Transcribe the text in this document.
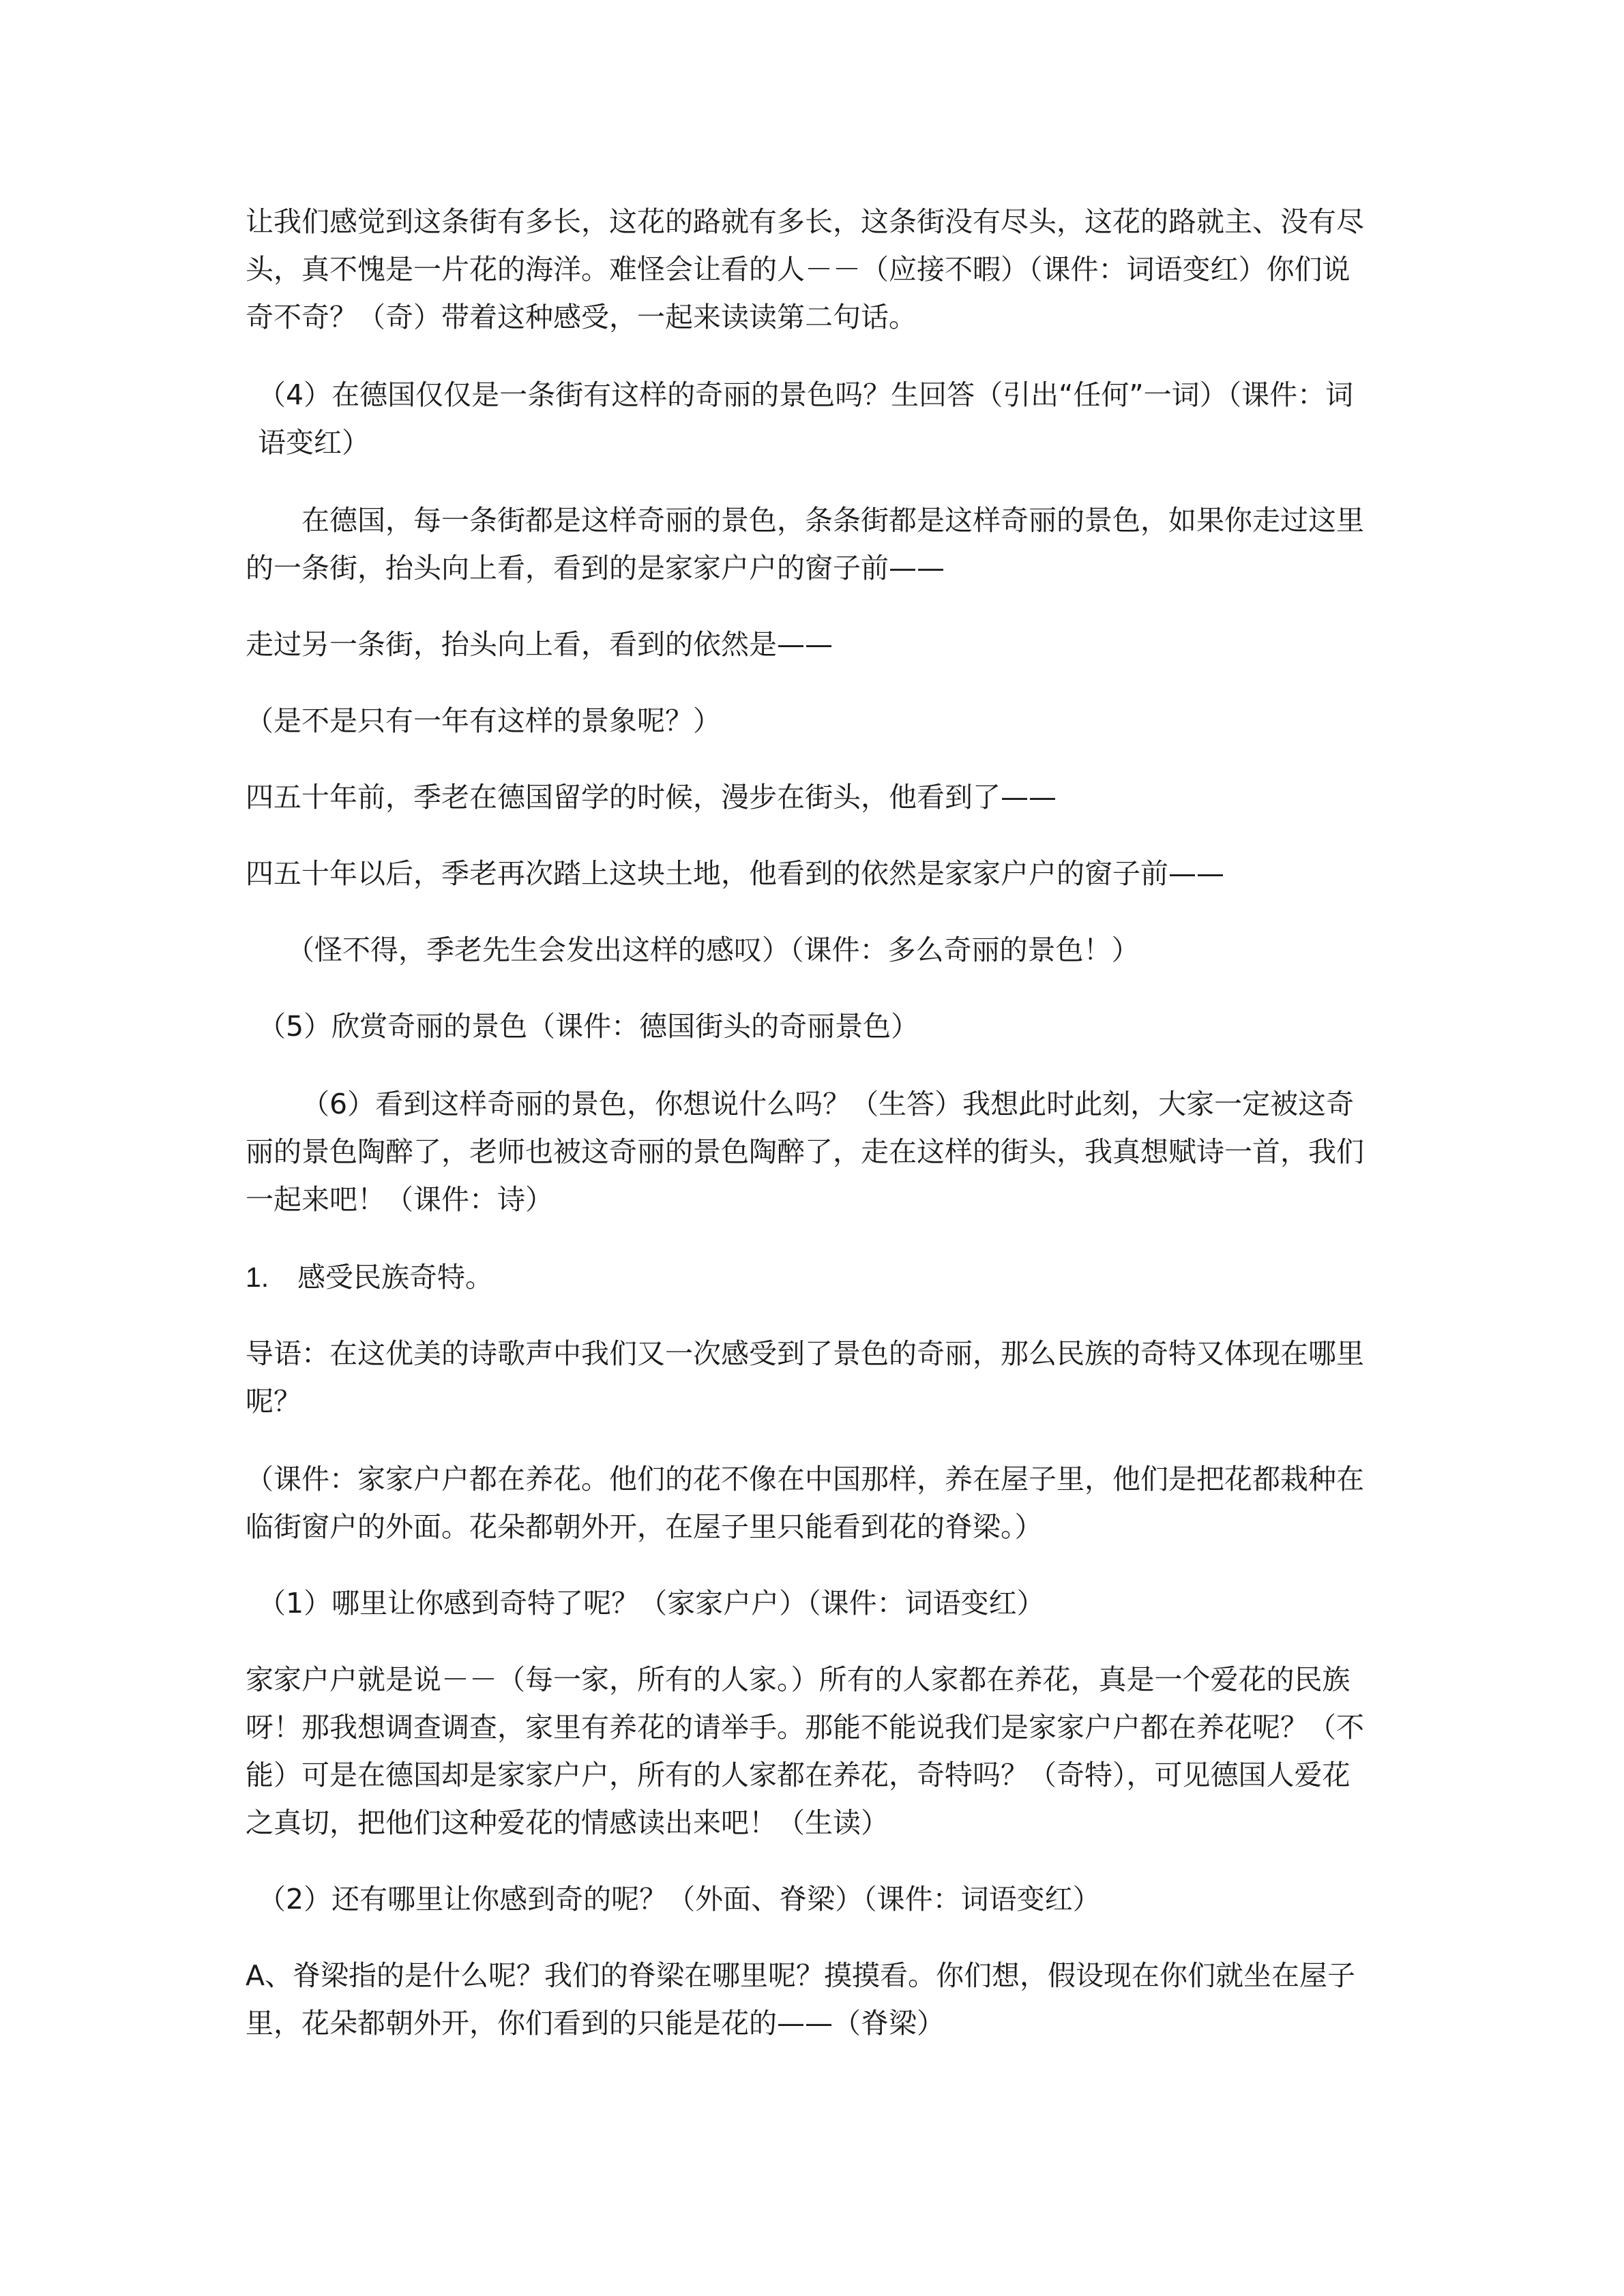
让我们感觉到这条街有多长，这花的路就有多长，这条街没有尽头，这花的路就主、没有尽头，真不愧是一片花的海洋。难怪会让看的人－－（应接不暇）（课件：词语变红）你们说奇不奇？（奇）带着这种感受，一起来读读第二句话。

（4）在德国仅仅是一条街有这样的奇丽的景色吗？生回答（引出“任何”一词）（课件：词语变红）

在德国，每一条街都是这样奇丽的景色，条条街都是这样奇丽的景色，如果你走过这里的一条街，抬头向上看，看到的是家家户户的窗子前——

走过另一条街，抬头向上看，看到的依然是——

（是不是只有一年有这样的景象呢？）

四五十年前，季老在德国留学的时候，漫步在街头，他看到了——

四五十年以后，季老再次踏上这块土地，他看到的依然是家家户户的窗子前——

（怪不得，季老先生会发出这样的感叹）（课件：多么奇丽的景色！）

（5）欣赏奇丽的景色（课件：德国街头的奇丽景色）

（6）看到这样奇丽的景色，你想说什么吗？（生答）我想此时此刻，大家一定被这奇丽的景色陶醉了，老师也被这奇丽的景色陶醉了，走在这样的街头，我真想赋诗一首，我们一起来吧！（课件：诗）

1.	感受民族奇特。

导语：在这优美的诗歌声中我们又一次感受到了景色的奇丽，那么民族的奇特又体现在哪里呢？

（课件：家家户户都在养花。他们的花不像在中国那样，养在屋子里，他们是把花都栽种在临街窗户的外面。花朵都朝外开，在屋子里只能看到花的脊梁。）

（1）哪里让你感到奇特了呢？（家家户户）（课件：词语变红）

家家户户就是说－－（每一家，所有的人家。）所有的人家都在养花，真是一个爱花的民族呀！那我想调查调查，家里有养花的请举手。那能不能说我们是家家户户都在养花呢？（不能）可是在德国却是家家户户，所有的人家都在养花，奇特吗？（奇特），可见德国人爱花之真切，把他们这种爱花的情感读出来吧！（生读）

（2）还有哪里让你感到奇的呢？（外面、脊梁）（课件：词语变红）

A、脊梁指的是什么呢？我们的脊梁在哪里呢？摸摸看。你们想，假设现在你们就坐在屋子里，花朵都朝外开，你们看到的只能是花的——（脊梁）
